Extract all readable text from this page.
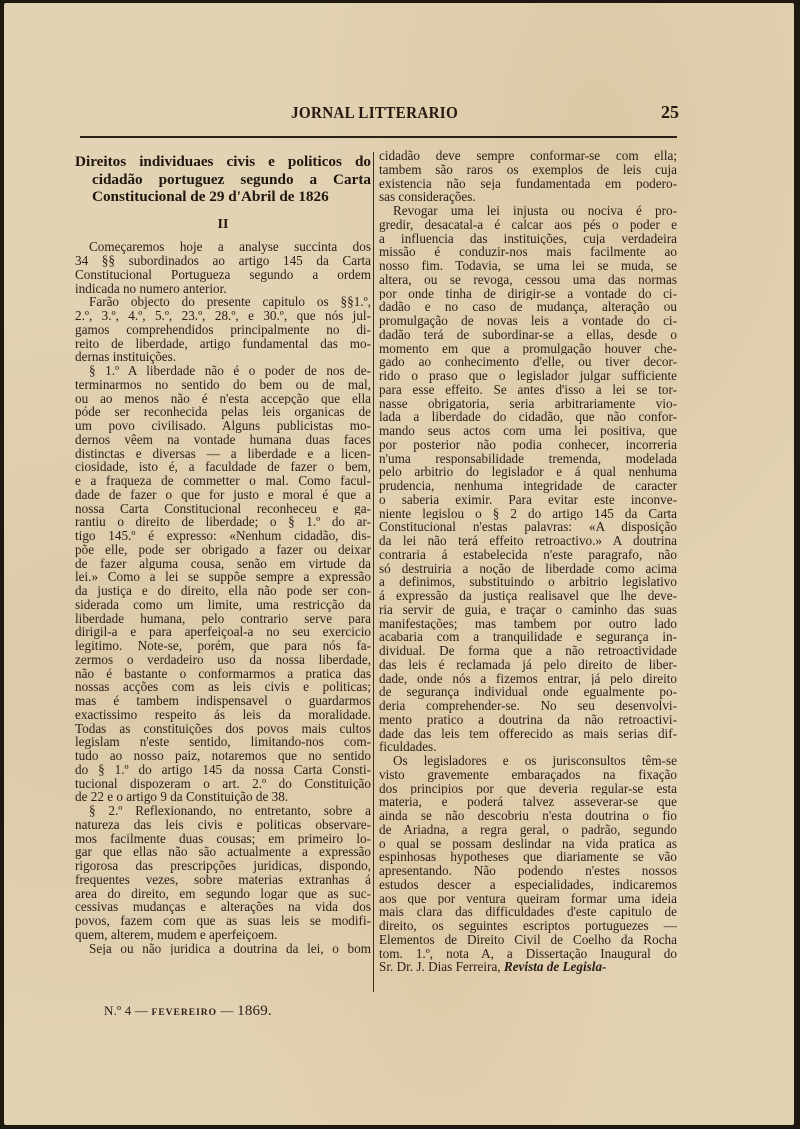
JORNAL LITTERARIO	25
Direitos individuaes civis e politicos do
cidadão portuguez segundo a Carta
Constitucional de 29 d'Abril de 1826
II

Começaremos hoje a analyse succinta dos
34 §§ subordinados ao artigo 145 da Carta
Constitucional Portugueza segundo a ordem
indicada no numero anterior.

Farão objecto do presente capitulo os §§1.º,
2.º, 3.º, 4.º, 5.º, 23.º, 28.º, e 30.º, que nós jul-
gamos comprehendidos principalmente no di-
reito de liberdade, artigo fundamental das mo-
dernas instituições.

§ 1.º A liberdade não é o poder de nos de-
terminarmos no sentido do bem ou de mal,
ou ao menos não é n'esta accepção que ella
póde ser reconhecida pelas leis organicas de
um povo civilisado. Alguns publicistas mo-
dernos vêem na vontade humana duas faces
distinctas e diversas — a liberdade e a licen-
ciosidade, isto é, a faculdade de fazer o bem,
e a fraqueza de commetter o mal. Como facul-
dade de fazer o que for justo e moral é que a
nossa Carta Constitucional reconheceu e ga-
rantiu o direito de liberdade; o § 1.º do ar-
tigo 145.º é expresso: «Nenhum cidadão, dis-
põe elle, pode ser obrigado a fazer ou deixar
de fazer alguma cousa, senão em virtude da
lei.» Como a lei se suppõe sempre a expressão
da justiça e do direito, ella não pode ser con-
siderada como um limite, uma restricção da
liberdade humana, pelo contrario serve para
dirigil-a e para aperfeiçoal-a no seu exercicio
legitimo. Note-se, porém, que para nós fa-
zermos o verdadeiro uso da nossa liberdade,
não é bastante o conformarmos a pratica das
nossas acções com as leis civis e politicas;
mas é tambem indispensavel o guardarmos
exactissimo respeito ás leis da moralidade.
Todas as constituições dos povos mais cultos
legislam n'este sentido, limitando-nos com-
tudo ao nosso paiz, notaremos que no sentido
do § 1.º do artigo 145 da nossa Carta Consti-
tucional dispozeram o art. 2.º do Constituição
de 22 e o artigo 9 da Constituição de 38.

§ 2.º Reflexionando, no entretanto, sobre a
natureza das leis civis e politicas observare-
mos facilmente duas cousas; em primeiro lo-
gar que ellas não são actualmente a expressão
rigorosa das prescripções juridicas, dispondo,
frequentes vezes, sobre materias extranhas á
area do direito, em segundo logar que as suc-
cessivas mudanças e alterações na vida dos
povos, fazem com que as suas leis se modifi-
quem, alterem, mudem e aperfeiçoem.

Seja ou não juridica a doutrina da lei, o bom

cidadão deve sempre conformar-se com ella;
tambem são raros os exemplos de leis cuja
existencia não seja fundamentada em podero-
sas considerações.

Revogar uma lei injusta ou nociva é pro-
gredir, desacatal-a é calcar aos pés o poder e
a influencia das instituições, cuja verdadeira
missão é conduzir-nos mais facilmente ao
nosso fim. Todavia, se uma lei se muda, se
altera, ou se revoga, cessou uma das normas
por onde tinha de dirigir-se a vontade do ci-
dadão e no caso de mudança, alteração ou
promulgação de novas leis a vontade do ci-
dadão terá de subordinar-se a ellas, desde o
momento em que a promulgação houver che-
gado ao conhecimento d'elle, ou tiver decor-
rido o praso que o legislador julgar sufficiente
para esse effeito. Se antes d'isso a lei se tor-
nasse obrigatoria, seria arbitrariamente vio-
lada a liberdade do cidadão, que não confor-
mando seus actos com uma lei positiva, que
por posterior não podia conhecer, incorreria
n'uma responsabilidade tremenda, modelada
pelo arbitrio do legislador e á qual nenhuma
prudencia, nenhuma integridade de caracter
o saberia eximir. Para evitar este inconve-
niente legislou o § 2 do artigo 145 da Carta
Constitucional n'estas palavras: «A disposição
da lei não terá effeito retroactivo.» A doutrina
contraria á estabelecida n'este paragrafo, não
só destruiria a noção de liberdade como acima
a definimos, substituindo o arbitrio legislativo
á expressão da justiça realisavel que lhe deve-
ria servir de guia, e traçar o caminho das suas
manifestações; mas tambem por outro lado
acabaria com a tranquilidade e segurança in-
dividual. De forma que a não retroactividade
das leis é reclamada já pelo direito de liber-
dade, onde nós a fizemos entrar, já pelo direito
de segurança individual onde egualmente po-
deria comprehender-se. No seu desenvolvi-
mento pratico a doutrina da não retroactivi-
dade das leis tem offerecido as mais serias dif-
ficuldades.

Os legisladores e os jurisconsultos têm-se
visto gravemente embaraçados na fixação
dos principios por que deveria regular-se esta
materia, e poderá talvez asseverar-se que
ainda se não descobriu n'esta doutrina o fio
de Ariadna, a regra geral, o padrão, segundo
o qual se possam deslindar na vida pratica as
espinhosas hypotheses que diariamente se vão
apresentando. Não podendo n'estes nossos
estudos descer a especialidades, indicaremos
aos que por ventura queiram formar uma ideia
mais clara das difficuldades d'este capitulo de
direito, os seguintes escriptos portuguezes —
Elementos de Direito Civil de Coelho da Rocha
tom. 1.º, nota A, a Dissertação Inaugural do

Sr. Dr. J. Dias Ferreira, Revista de Legisla-
N.º 4 — FEVEREIRO — 1869.
